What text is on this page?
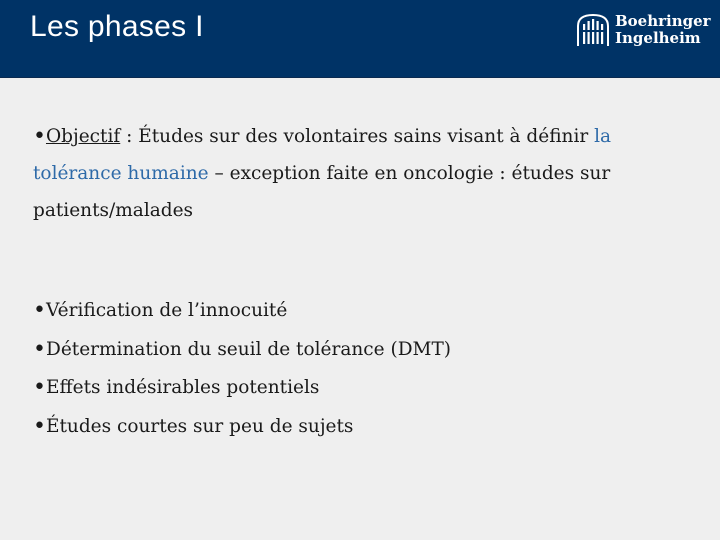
Les phases I	Boehringer
Ingelheim

•Objectif : Études sur des volontaires sains visant à définir la tolérance humaine – exception faite en oncologie : études sur patients/malades

•Vérification de l’innocuité
•Détermination du seuil de tolérance (DMT)
•Effets indésirables potentiels
•Études courtes sur peu de sujets
